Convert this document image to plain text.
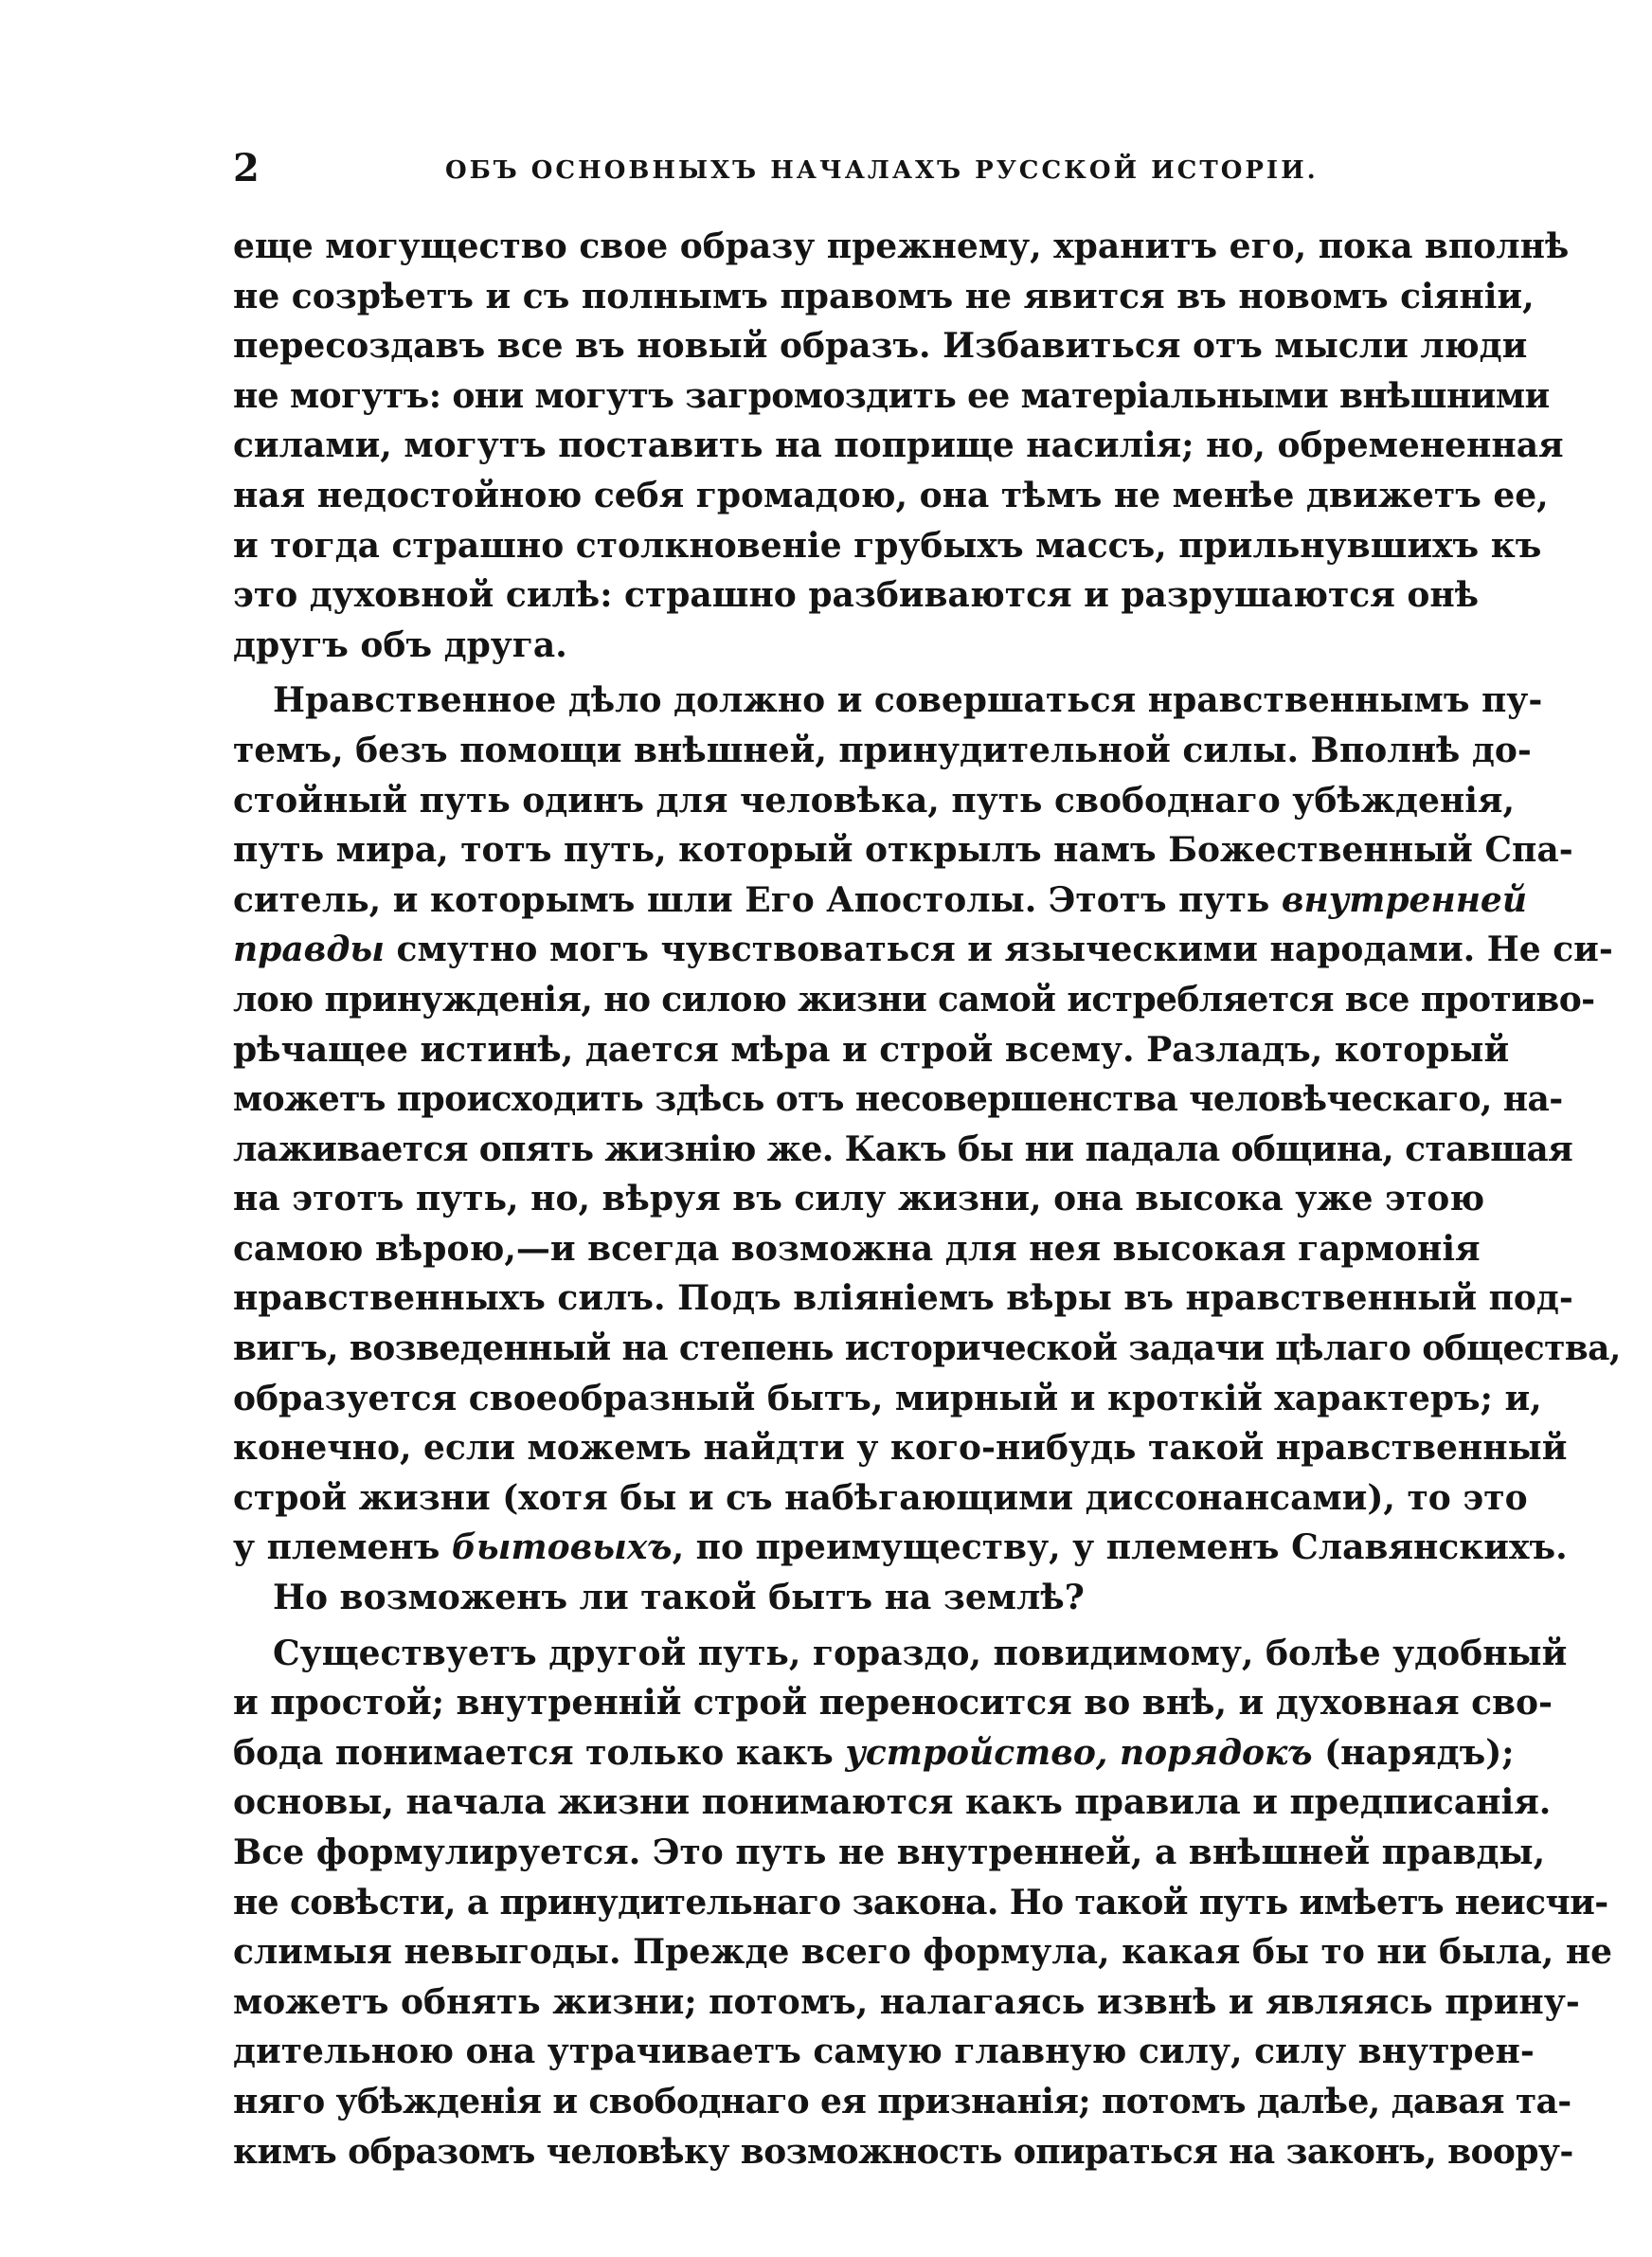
2	ОБЪ ОСНОВНЫХЪ НАЧАЛАХЪ РУССКОЙ ИСТОРІИ.
еще могущество свое образу прежнему, хранитъ его, пока вполнѣ
не созрѣетъ и съ полнымъ правомъ не явится въ новомъ сіяніи,
пересоздавъ все въ новый образъ. Избавиться отъ мысли люди
не могутъ: они могутъ загромоздить ее матеріальными внѣшними
силами, могутъ поставить на поприще насилія; но, обремененная
ная недостойною себя громадою, она тѣмъ не менѣе движетъ ее,
и тогда страшно столкновеніе грубыхъ массъ, прильнувшихъ къ
это духовной силѣ: страшно разбиваются и разрушаются онѣ
другъ объ друга.
Нравственное дѣло должно и совершаться нравственнымъ пу-
темъ, безъ помощи внѣшней, принудительной силы. Вполнѣ до-
стойный путь одинъ для человѣка, путь свободнаго убѣжденія,
путь мира, тотъ путь, который открылъ намъ Божественный Спа-
ситель, и которымъ шли Его Апостолы. Этотъ путь внутренней
правды смутно могъ чувствоваться и языческими народами. Не си-
лою принужденія, но силою жизни самой истребляется все противо-
рѣчащее истинѣ, дается мѣра и строй всему. Разладъ, который
можетъ происходить здѣсь отъ несовершенства человѣческаго, на-
лаживается опять жизнію же. Какъ бы ни падала община, ставшая
на этотъ путь, но, вѣруя въ силу жизни, она высока уже этою
самою вѣрою,—и всегда возможна для нея высокая гармонія
нравственныхъ силъ. Подъ вліяніемъ вѣры въ нравственный под-
вигъ, возведенный на степень исторической задачи цѣлаго общества,
образуется своеобразный бытъ, мирный и кроткій характеръ; и,
конечно, если можемъ найдти у кого-нибудь такой нравственный
строй жизни (хотя бы и съ набѣгающими диссонансами), то это
у племенъ бытовыхъ, по преимуществу, у племенъ Славянскихъ.
Но возможенъ ли такой бытъ на землѣ?
Существуетъ другой путь, гораздо, повидимому, болѣе удобный
и простой; внутренній строй переносится во внѣ, и духовная сво-
бода понимается только какъ устройство, порядокъ (нарядъ);
основы, начала жизни понимаются какъ правила и предписанія.
Все формулируется. Это путь не внутренней, а внѣшней правды,
не совѣсти, а принудительнаго закона. Но такой путь имѣетъ неисчи-
слимыя невыгоды. Прежде всего формула, какая бы то ни была, не
можетъ обнять жизни; потомъ, налагаясь извнѣ и являясь прину-
дительною она утрачиваетъ самую главную силу, силу внутрен-
няго убѣжденія и свободнаго ея признанія; потомъ далѣе, давая та-
кимъ образомъ человѣку возможность опираться на законъ, воору-
